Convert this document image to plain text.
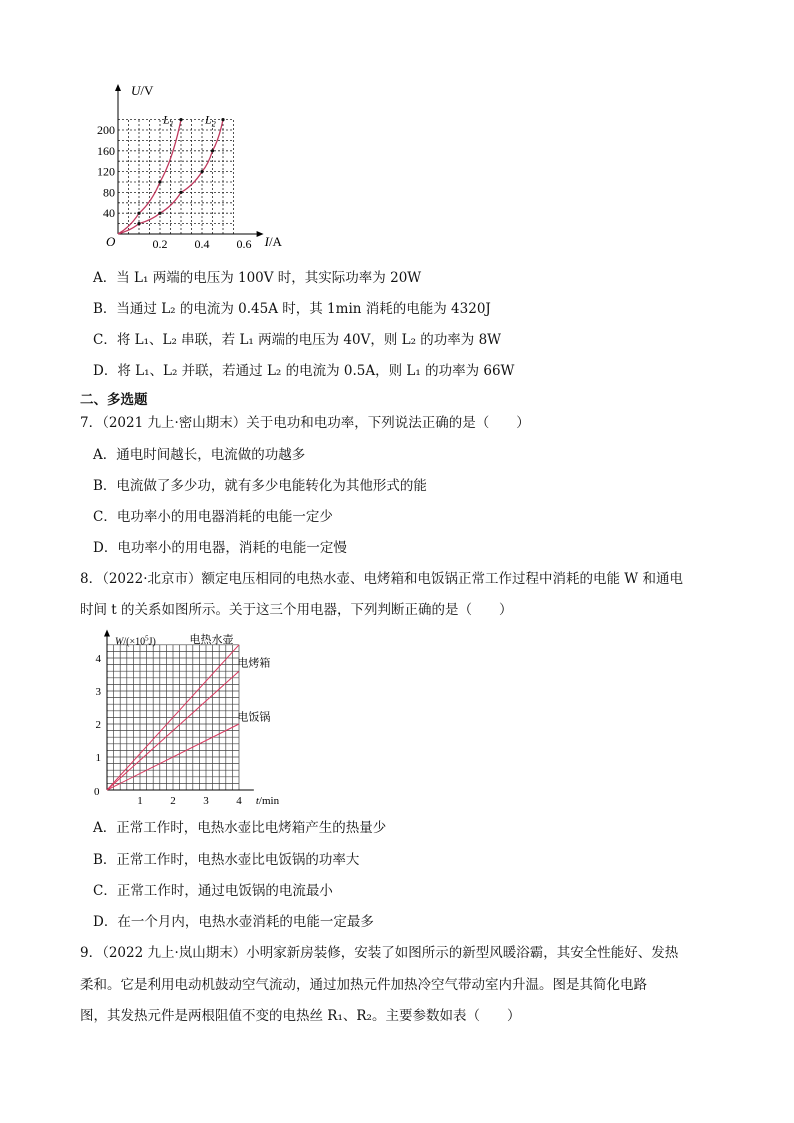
0.2 0.4 0.6
40
80
120
160
200
O	I/A
U/V
$L_1$	$L_2$
A．当 L₁ 两端的电压为 100V 时，其实际功率为 20W
B．当通过 L₂ 的电流为 0.45A 时，其 1min 消耗的电能为 4320J
C．将 L₁、L₂ 串联，若 L₁ 两端的电压为 40V，则 L₂ 的功率为 8W
D．将 L₁、L₂ 并联，若通过 L₂ 的电流为 0.5A，则 L₁ 的功率为 66W
二、多选题
7．（2021 九上·密山期末）关于电功和电功率，下列说法正确的是（　　）
A．通电时间越长，电流做的功越多
B．电流做了多少功，就有多少电能转化为其他形式的能
C．电功率小的用电器消耗的电能一定少
D．电功率小的用电器，消耗的电能一定慢
8．（2022·北京市）额定电压相同的电热水壶、电烤箱和电饭锅正常工作过程中消耗的电能 W 和通电
时间 t 的关系如图所示。关于这三个用电器，下列判断正确的是（　　）
1	2	3	4
1
2
3
4
0
t/min
$W/(\times 10^5J)$	电热水壶
电烤箱
电饭锅
A．正常工作时，电热水壶比电烤箱产生的热量少
B．正常工作时，电热水壶比电饭锅的功率大
C．正常工作时，通过电饭锅的电流最小
D．在一个月内，电热水壶消耗的电能一定最多
9．（2022 九上·岚山期末）小明家新房装修，安装了如图所示的新型风暖浴霸，其安全性能好、发热
柔和。它是利用电动机鼓动空气流动，通过加热元件加热冷空气带动室内升温。图是其简化电路
图，其发热元件是两根阻值不变的电热丝 R₁、R₂。主要参数如表（　　）
